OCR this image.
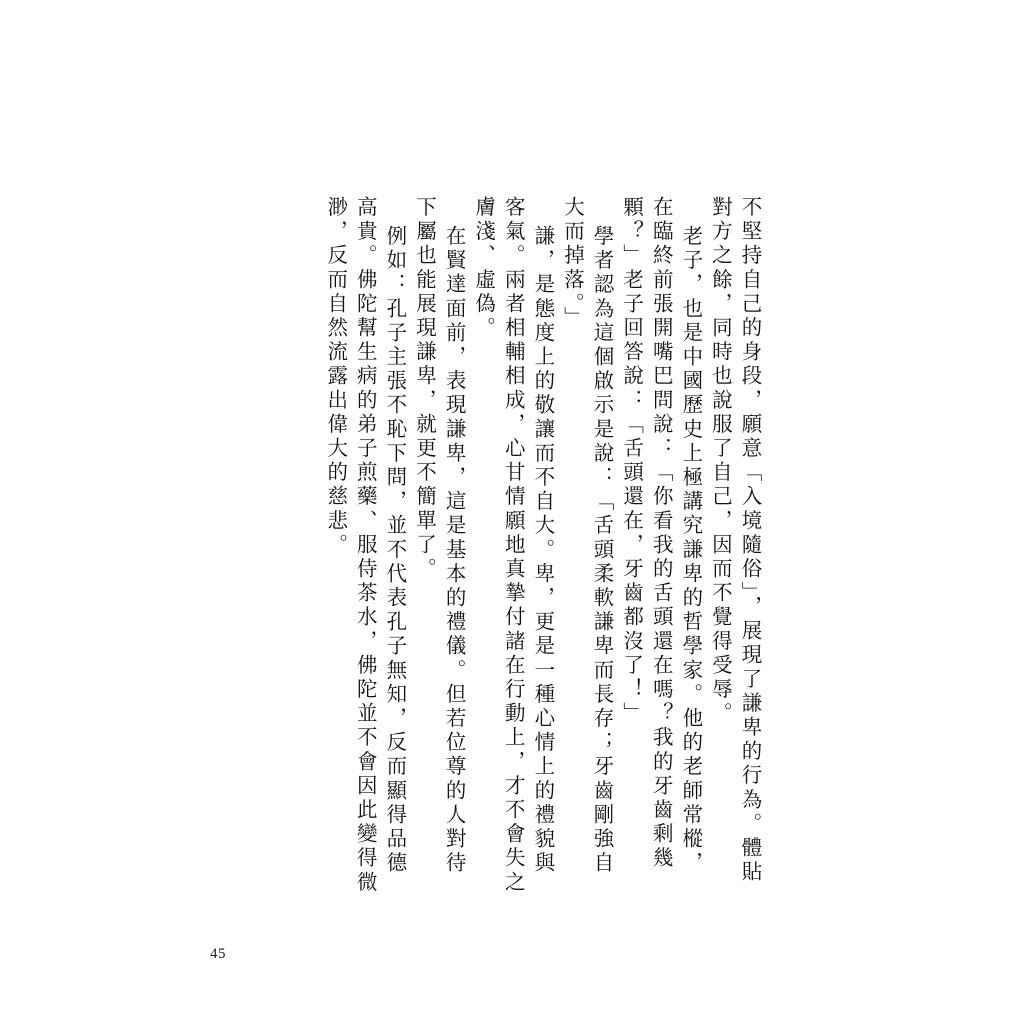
不堅持自己的身段，願意「入境隨俗」，展現了謙卑的行為。體貼對方之餘，同時也說服了自己，因而不覺得受辱。

老子，也是中國歷史上極講究謙卑的哲學家。他的老師常樅，在臨終前張開嘴巴問說：「你看我的舌頭還在嗎？我的牙齒剩幾顆？」老子回答說：「舌頭還在，牙齒都沒了！」

學者認為這個啟示是說：「舌頭柔軟謙卑而長存；牙齒剛強自大而掉落。」

謙，是態度上的敬讓而不自大。卑，更是一種心情上的禮貌與客氣。兩者相輔相成，心甘情願地真摯付諸在行動上，才不會失之膚淺、虛偽。

在賢達面前，表現謙卑，這是基本的禮儀。但若位尊的人對待下屬也能展現謙卑，就更不簡單了。

例如：孔子主張不恥下問，並不代表孔子無知，反而顯得品德高貴。佛陀幫生病的弟子煎藥、服侍茶水，佛陀並不會因此變得微渺，反而自然流露出偉大的慈悲。

45
